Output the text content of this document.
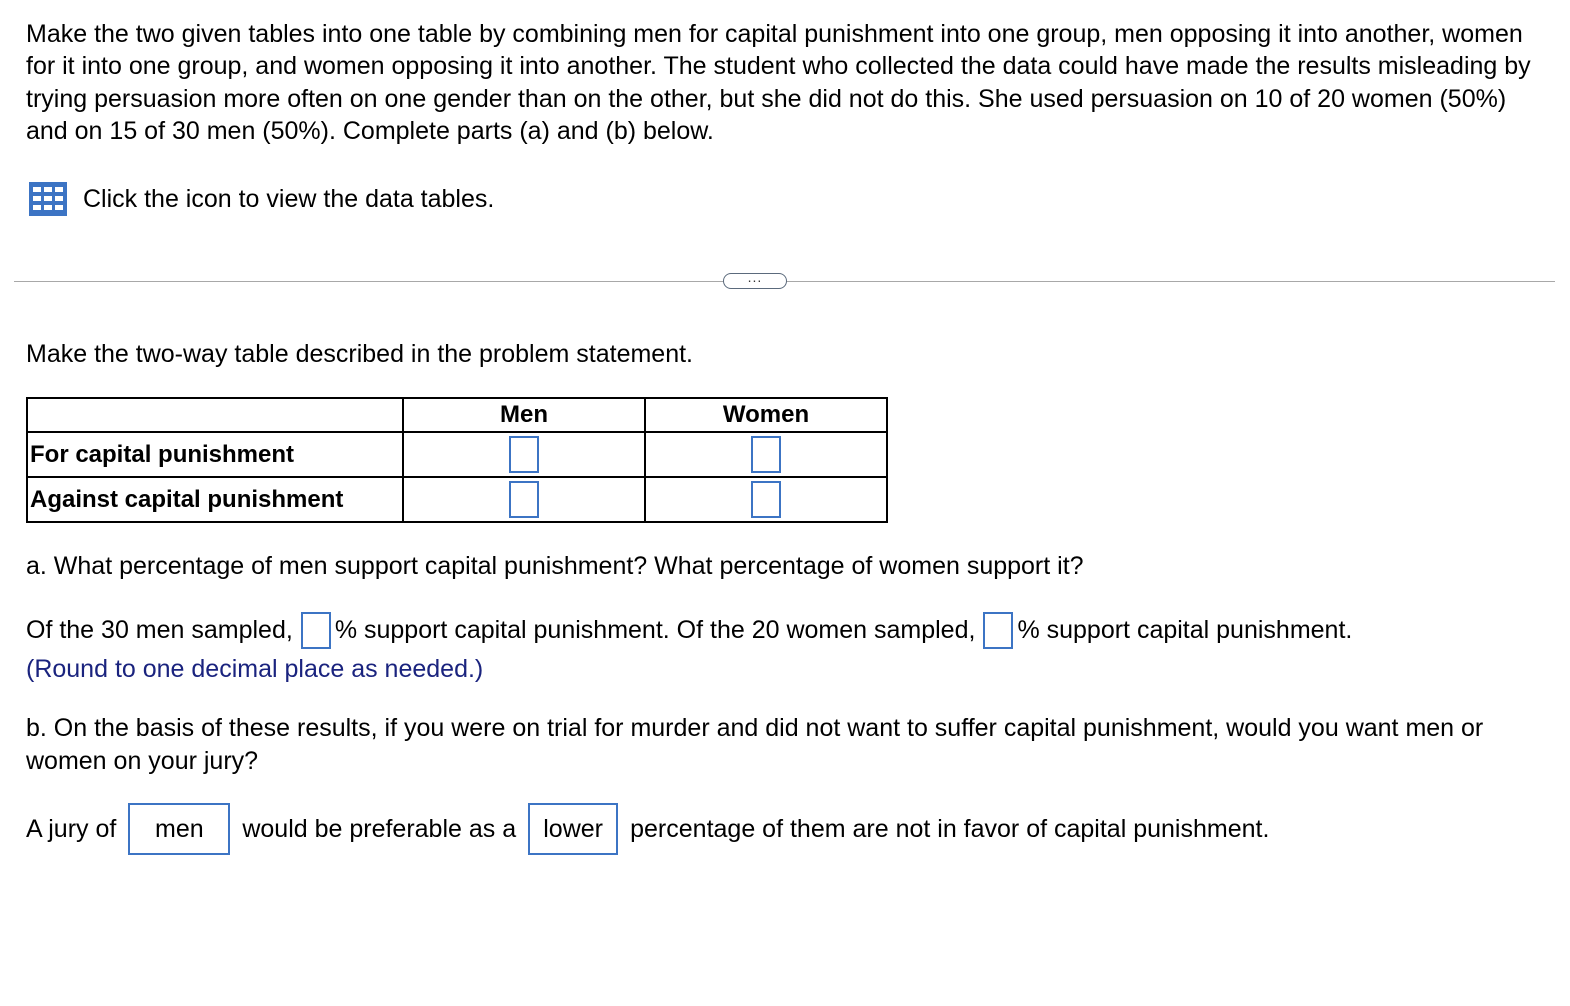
Make the two given tables into one table by combining men for capital punishment into one group, men opposing it into another, women for it into one group, and women opposing it into another. The student who collected the data could have made the results misleading by trying persuasion more often on one gender than on the other, but she did not do this. She used persuasion on 10 of 20 women (50%) and on 15 of 30 men (50%). Complete parts (a) and (b) below.

Click the icon to view the data tables.
...

Make the two-way table described in the problem statement.

	Men	Women
For capital punishment		
Against capital punishment		

a. What percentage of men support capital punishment? What percentage of women support it?

Of the 30 men sampled, % support capital punishment. Of the 20 women sampled, % support capital punishment.

(Round to one decimal place as needed.)

b. On the basis of these results, if you were on trial for murder and did not want to suffer capital punishment, would you want men or women on your jury?

A jury of	men	would be preferable as a	lower	percentage of them are not in favor of capital punishment.
